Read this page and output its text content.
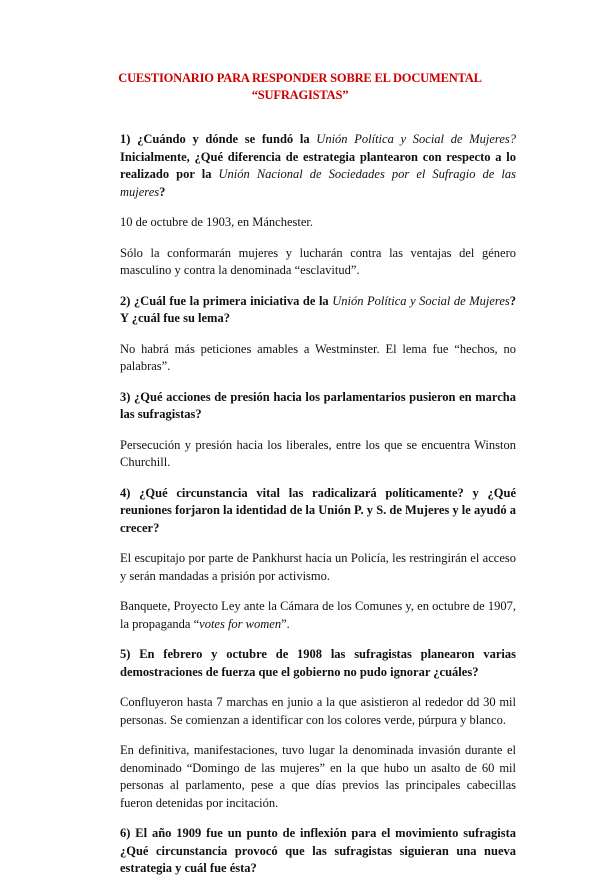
CUESTIONARIO PARA RESPONDER SOBRE EL DOCUMENTAL
“SUFRAGISTAS”

1) ¿Cuándo y dónde se fundó la Unión Política y Social de Mujeres? Inicialmente, ¿Qué diferencia de estrategia plantearon con respecto a lo realizado por la Unión Nacional de Sociedades por el Sufragio de las mujeres?

10 de octubre de 1903, en Mánchester.

Sólo la conformarán mujeres y lucharán contra las ventajas del género masculino y contra la denominada “esclavitud”.

2) ¿Cuál fue la primera iniciativa de la Unión Política y Social de Mujeres? Y ¿cuál fue su lema?

No habrá más peticiones amables a Westminster. El lema fue “hechos, no palabras”.

3) ¿Qué acciones de presión hacia los parlamentarios pusieron en marcha las sufragistas?

Persecución y presión hacia los liberales, entre los que se encuentra Winston Churchill.

4) ¿Qué circunstancia vital las radicalizará políticamente? y ¿Qué reuniones forjaron la identidad de la Unión P. y S. de Mujeres y le ayudó a crecer?

El escupitajo por parte de Pankhurst hacia un Policía, les restringirán el acceso y serán mandadas a prisión por activismo.

Banquete, Proyecto Ley ante la Cámara de los Comunes y, en octubre de 1907, la propaganda “votes for women”.

5) En febrero y octubre de 1908 las sufragistas planearon varias demostraciones de fuerza que el gobierno no pudo ignorar ¿cuáles?

Confluyeron hasta 7 marchas en junio a la que asistieron al rededor dd 30 mil personas. Se comienzan a identificar con los colores verde, púrpura y blanco.

En definitiva, manifestaciones, tuvo lugar la denominada invasión durante el denominado “Domingo de las mujeres” en la que hubo un asalto de 60 mil personas al parlamento, pese a que días previos las principales cabecillas fueron detenidas por incitación.

6) El año 1909 fue un punto de inflexión para el movimiento sufragista ¿Qué circunstancia provocó que las sufragistas siguieran una nueva estrategia y cuál fue ésta?
